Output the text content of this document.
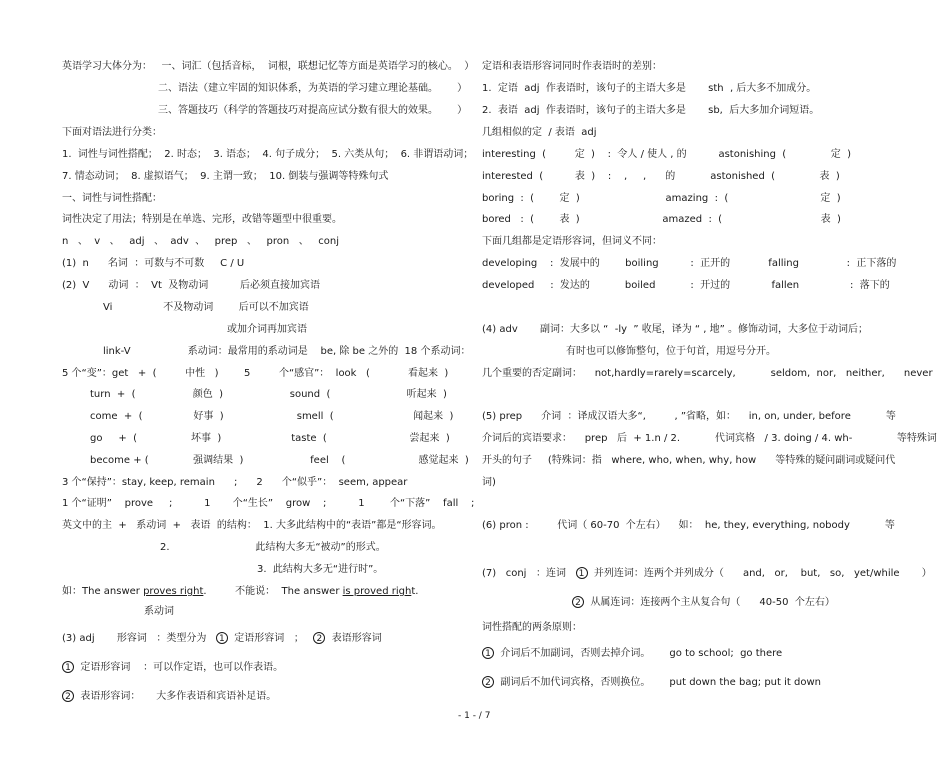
英语学习大体分为：   一、词汇（包括音标，  词根，联想记忆等方面是英语学习的核心。  ）
二、语法（建立牢固的知识体系，为英语的学习建立理论基础。      ）
三、答题技巧（科学的答题技巧对提高应试分数有很大的效果。      ）
下面对语法进行分类：
1.  词性与词性搭配；  2. 时态；  3. 语态；  4. 句子成分；  5. 六类从句；  6. 非谓语动词；
7. 情态动词；  8. 虚拟语气；  9. 主谓一致；  10. 倒装与强调等特殊句式
一、词性与词性搭配：
词性决定了用法；特别是在单选、完形，改错等题型中很重要。
n   、  v   、   adj   、  adv  、   prep   、   pron   、   conj
(1)  n      名词  ：可数与不可数     C / U
(2)  V      动词  ：  Vt  及物动词          后必须直接加宾语
Vi                不及物动词        后可以不加宾语
或加介词再加宾语
link-V                  系动词：最常用的系动词是    be, 除 be 之外的  18 个系动词：
5 个“变”：get   +  (         中性   )        5         个“感官”：  look   (            看起来  )
turn  +  (                  颜色  )                     sound  (                        听起来  )
come  +  (                好事  )                       smell  (                         闻起来  )
go     +  (                 坏事  )                      taste  (                          尝起来  )
become + (              强调结果  )                     feel    (                       感觉起来  )
3 个“保持”：stay, keep, remain      ;      2      个“似乎”：  seem, appear
1 个“证明”    prove     ;          1       个“生长”    grow    ;          1        个“下落”    fall    ;
英文中的主  +   系动词  +   表语  的结构：  1. 大多此结构中的“表语”都是“形容词。
2.                           此结构大多无“被动”的形式。
3.  此结构大多无“进行时”。
如：The answer proves right.         不能说：  The answer is proved right.
系动词
(3) adj       形容词   ：类型分为   1  定语形容词   ；   2  表语形容词
1  定语形容词    ：可以作定语，也可以作表语。
2  表语形容词：     大多作表语和宾语补足语。
定语和表语形容词同时作表语时的差别：
1.  定语  adj  作表语时，该句子的主语大多是       sth  , 后大多不加成分。
2.  表语  adj  作表语时，该句子的主语大多是       sb,  后大多加介词短语。
几组相似的定  / 表语  adj
interesting  (         定  )    :  令人 / 使人 , 的          astonishing  (              定  )
interested  (          表  )    :    ,     ,      的           astonished  (              表  )
boring  :  (        定  )                           amazing  :  (                             定  )
bored   :  (        表  )                          amazed  :  (                               表  )
下面几组都是定语形容词，但词义不同：
developing    :  发展中的        boiling          :  正开的            falling               :  正下落的
developed     :  发达的           boiled           :  开过的             fallen                :  落下的
(4) adv       副词：大多以 “  -ly  ” 收尾，译为 “ , 地” 。修饰动词，大多位于动词后；
有时也可以修饰整句，位于句首，用逗号分开。
几个重要的否定副词：    not,hardly=rarely=scarcely,           seldom,  nor,   neither,      never
(5) prep      介词  ：译成汉语大多“,         , ”省略，如：    in, on, under, before           等
介词后的宾语要求：    prep   后  + 1.n / 2.           代词宾格   / 3. doing / 4. wh-              等特殊词
开头的句子     (特殊词：指   where, who, when, why, how      等特殊的疑问副词或疑问代
词)
(6) pron :         代词（ 60-70  个左右）    如：  he, they, everything, nobody           等
(7)   conj   ：连词   1  并列连词：连两个并列成分（      and,   or,    but,   so,   yet/while       ）
2  从属连词：连接两个主从复合句（      40-50  个左右）
词性搭配的两条原则：
1  介词后不加副词，否则去掉介词。      go to school;  go there
2  副词后不加代词宾格，否则换位。      put down the bag; put it down
- 1 - / 7
